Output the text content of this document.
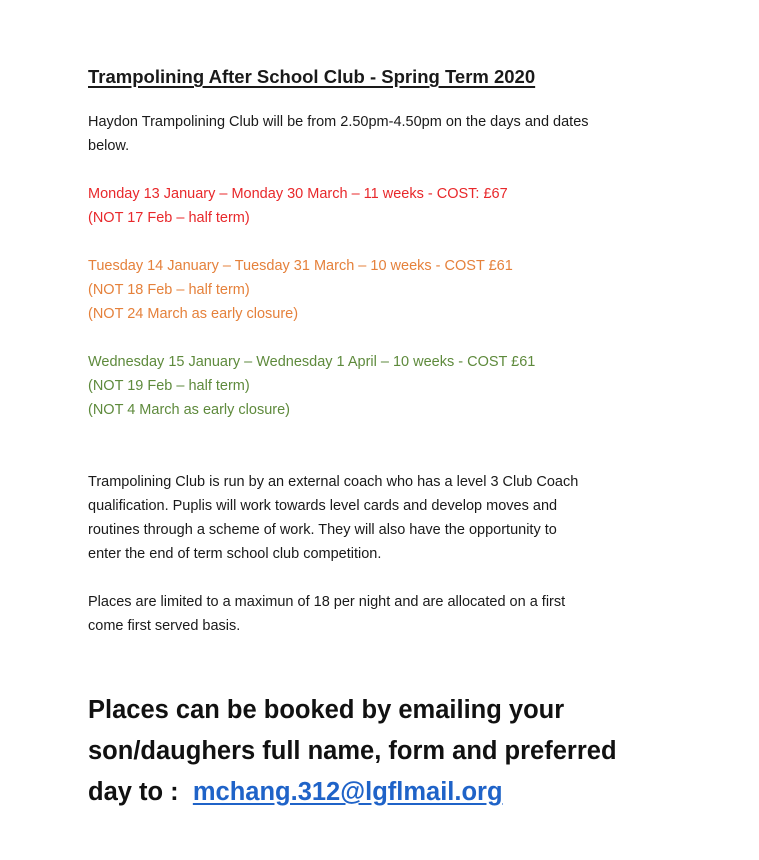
Trampolining After School Club - Spring Term 2020

Haydon Trampolining Club will be from 2.50pm-4.50pm on the days and dates
below.

Monday 13 January – Monday 30 March – 11 weeks - COST: £67
(NOT 17 Feb – half term)

Tuesday 14 January – Tuesday 31 March – 10 weeks - COST £61
(NOT 18 Feb – half term)
(NOT 24 March as early closure)

Wednesday 15 January – Wednesday 1 April – 10 weeks - COST £61
(NOT 19 Feb – half term)
(NOT 4 March as early closure)

Trampolining Club is run by an external coach who has a level 3 Club Coach
qualification. Puplis will work towards level cards and develop moves and
routines through a scheme of work. They will also have the opportunity to
enter the end of term school club competition.

Places are limited to a maximun of 18 per night and are allocated on a first
come first served basis.

Places can be booked by emailing your
son/daughers full name, form and preferred
day to :  mchang.312@lgflmail.org
